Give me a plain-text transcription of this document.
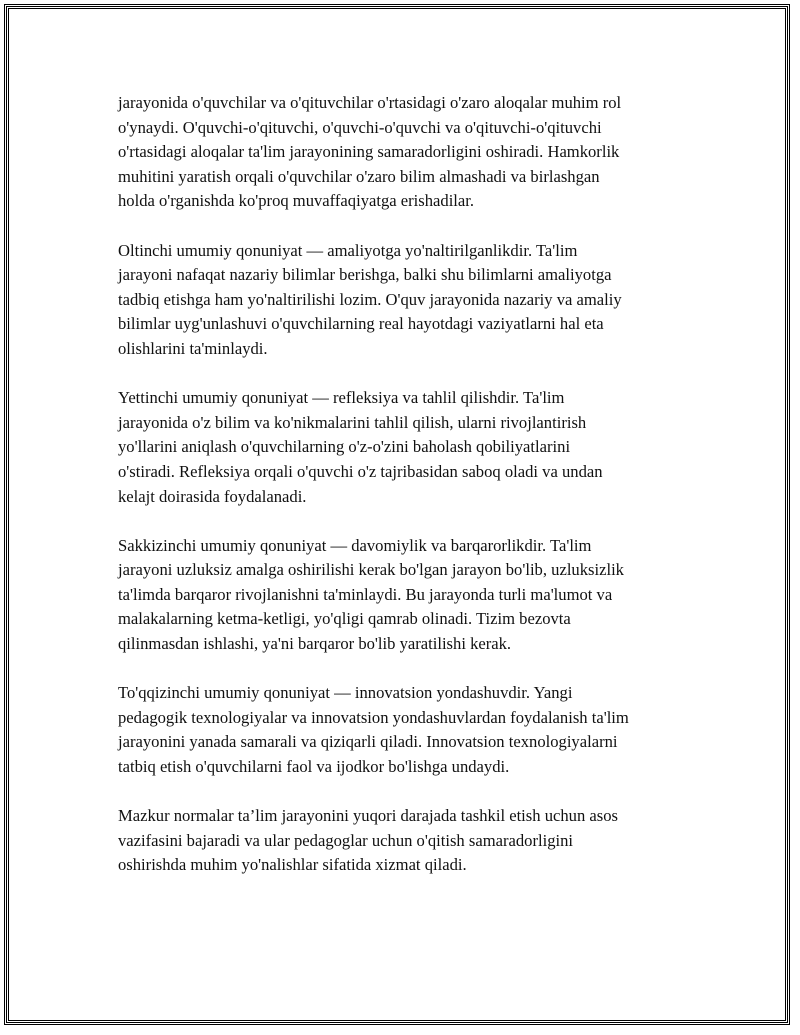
jarayonida o'quvchilar va o'qituvchilar o'rtasidagi o'zaro aloqalar muhim rol
o'ynaydi. O'quvchi-o'qituvchi, o'quvchi-o'quvchi va o'qituvchi-o'qituvchi
o'rtasidagi aloqalar ta'lim jarayonining samaradorligini oshiradi. Hamkorlik
muhitini yaratish orqali o'quvchilar o'zaro bilim almashadi va birlashgan
holda o'rganishda ko'proq muvaffaqiyatga erishadilar.

Oltinchi umumiy qonuniyat — amaliyotga yo'naltirilganlikdir. Ta'lim
jarayoni nafaqat nazariy bilimlar berishga, balki shu bilimlarni amaliyotga
tadbiq etishga ham yo'naltirilishi lozim. O'quv jarayonida nazariy va amaliy
bilimlar uyg'unlashuvi o'quvchilarning real hayotdagi vaziyatlarni hal eta
olishlarini ta'minlaydi.

Yettinchi umumiy qonuniyat — refleksiya va tahlil qilishdir. Ta'lim
jarayonida o'z bilim va ko'nikmalarini tahlil qilish, ularni rivojlantirish
yo'llarini aniqlash o'quvchilarning o'z-o'zini baholash qobiliyatlarini
o'stiradi. Refleksiya orqali o'quvchi o'z tajribasidan saboq oladi va undan
kelajt doirasida foydalanadi.

Sakkizinchi umumiy qonuniyat — davomiylik va barqarorlikdir. Ta'lim
jarayoni uzluksiz amalga oshirilishi kerak bo'lgan jarayon bo'lib, uzluksizlik
ta'limda barqaror rivojlanishni ta'minlaydi. Bu jarayonda turli ma'lumot va
malakalarning ketma-ketligi, yo'qligi qamrab olinadi. Tizim bezovta
qilinmasdan ishlashi, ya'ni barqaror bo'lib yaratilishi kerak.

To'qqizinchi umumiy qonuniyat — innovatsion yondashuvdir. Yangi
pedagogik texnologiyalar va innovatsion yondashuvlardan foydalanish ta'lim
jarayonini yanada samarali va qiziqarli qiladi. Innovatsion texnologiyalarni
tatbiq etish o'quvchilarni faol va ijodkor bo'lishga undaydi.

Mazkur normalar ta’lim jarayonini yuqori darajada tashkil etish uchun asos
vazifasini bajaradi va ular pedagoglar uchun o'qitish samaradorligini
oshirishda muhim yo'nalishlar sifatida xizmat qiladi.
